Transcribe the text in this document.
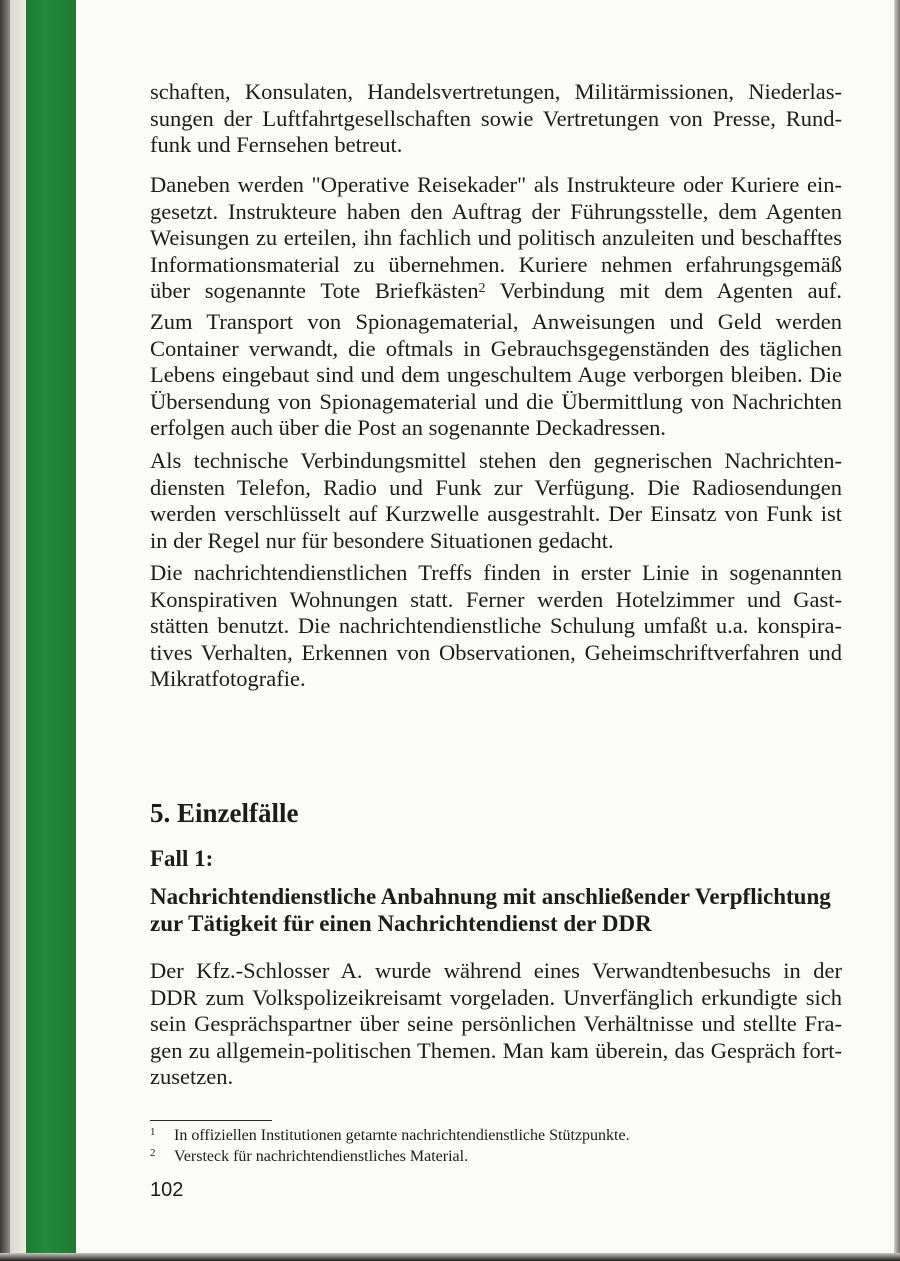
schaften, Konsulaten, Handelsvertretungen, Militärmissionen, Niederlas-
sungen der Luftfahrtgesellschaften sowie Vertretungen von Presse, Rund-
funk und Fernsehen betreut.
Daneben werden "Operative Reisekader" als Instrukteure oder Kuriere ein-
gesetzt. Instrukteure haben den Auftrag der Führungsstelle, dem Agenten
Weisungen zu erteilen, ihn fachlich und politisch anzuleiten und beschafftes
Informationsmaterial zu übernehmen. Kuriere nehmen erfahrungsgemäß
über sogenannte Tote Briefkästen$^2$ Verbindung mit dem Agenten auf.
Zum Transport von Spionagematerial, Anweisungen und Geld werden
Container verwandt, die oftmals in Gebrauchsgegenständen des täglichen
Lebens eingebaut sind und dem ungeschultem Auge verborgen bleiben. Die
Übersendung von Spionagematerial und die Übermittlung von Nachrichten
erfolgen auch über die Post an sogenannte Deckadressen.
Als technische Verbindungsmittel stehen den gegnerischen Nachrichten-
diensten Telefon, Radio und Funk zur Verfügung. Die Radiosendungen
werden verschlüsselt auf Kurzwelle ausgestrahlt. Der Einsatz von Funk ist
in der Regel nur für besondere Situationen gedacht.
Die nachrichtendienstlichen Treffs finden in erster Linie in sogenannten
Konspirativen Wohnungen statt. Ferner werden Hotelzimmer und Gast-
stätten benutzt. Die nachrichtendienstliche Schulung umfaßt u.a. konspira-
tives Verhalten, Erkennen von Observationen, Geheimschriftverfahren und
Mikratfotografie.
5. Einzelfälle
Fall 1:
Nachrichtendienstliche Anbahnung mit anschließender Verpflichtung
zur Tätigkeit für einen Nachrichtendienst der DDR
Der Kfz.-Schlosser A. wurde während eines Verwandtenbesuchs in der
DDR zum Volkspolizeikreisamt vorgeladen. Unverfänglich erkundigte sich
sein Gesprächspartner über seine persönlichen Verhältnisse und stellte Fra-
gen zu allgemein-politischen Themen. Man kam überein, das Gespräch fort-
zusetzen.

1 In offiziellen Institutionen getarnte nachrichtendienstliche Stützpunkte.

2 Versteck für nachrichtendienstliches Material.

102
